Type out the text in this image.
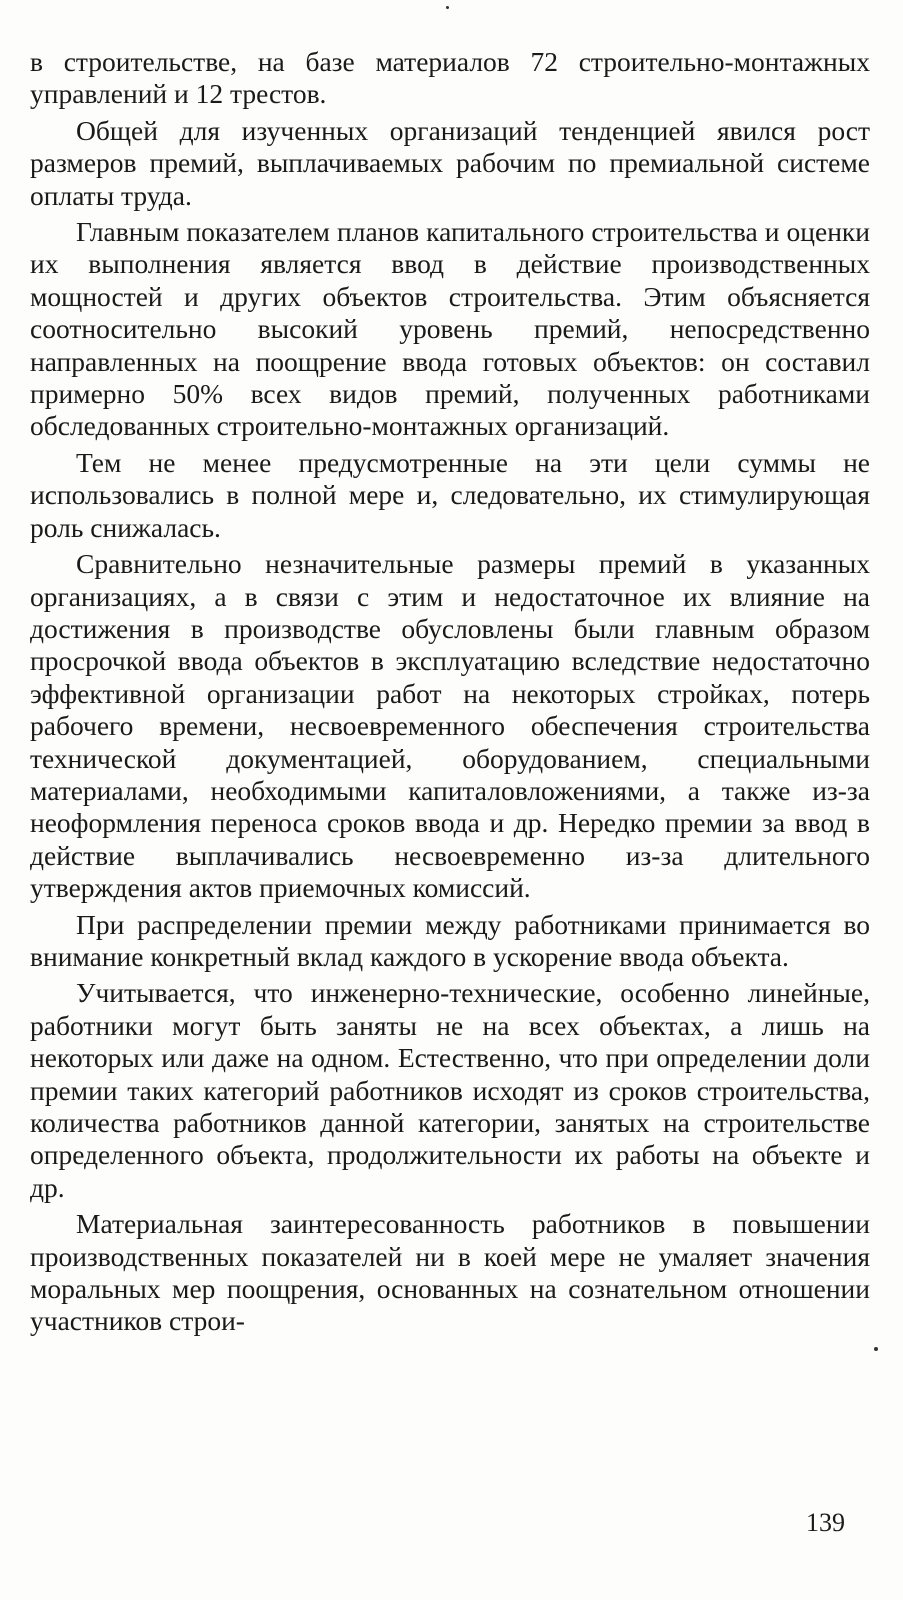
в строительстве, на базе материалов 72 строительно-монтажных управлений и 12 трестов.

Общей для изученных организаций тенденцией явился рост размеров премий, выплачиваемых рабочим по премиальной системе оплаты труда.

Главным показателем планов капитального строительства и оценки их выполнения является ввод в действие производственных мощностей и других объектов строительства. Этим объясняется соотносительно высокий уровень премий, непосредственно направленных на поощрение ввода готовых объектов: он составил примерно 50% всех видов премий, полученных работниками обследованных строительно-монтажных организаций.

Тем не менее предусмотренные на эти цели суммы не использовались в полной мере и, следовательно, их стимулирующая роль снижалась.

Сравнительно незначительные размеры премий в указанных организациях, а в связи с этим и недостаточное их влияние на достижения в производстве обусловлены были главным образом просрочкой ввода объектов в эксплуатацию вследствие недостаточно эффективной организации работ на некоторых стройках, потерь рабочего времени, несвоевременного обеспечения строительства технической документацией, оборудованием, специальными материалами, необходимыми капиталовложениями, а также из-за неоформления переноса сроков ввода и др. Нередко премии за ввод в действие выплачивались несвоевременно из-за длительного утверждения актов приемочных комиссий.

При распределении премии между работниками принимается во внимание конкретный вклад каждого в ускорение ввода объекта.

Учитывается, что инженерно-технические, особенно линейные, работники могут быть заняты не на всех объектах, а лишь на некоторых или даже на одном. Естественно, что при определении доли премии таких категорий работников исходят из сроков строительства, количества работников данной категории, занятых на строительстве определенного объекта, продолжительности их работы на объекте и др.

Материальная заинтересованность работников в повышении производственных показателей ни в коей мере не умаляет значения моральных мер поощрения, основанных на сознательном отношении участников строи-

139
